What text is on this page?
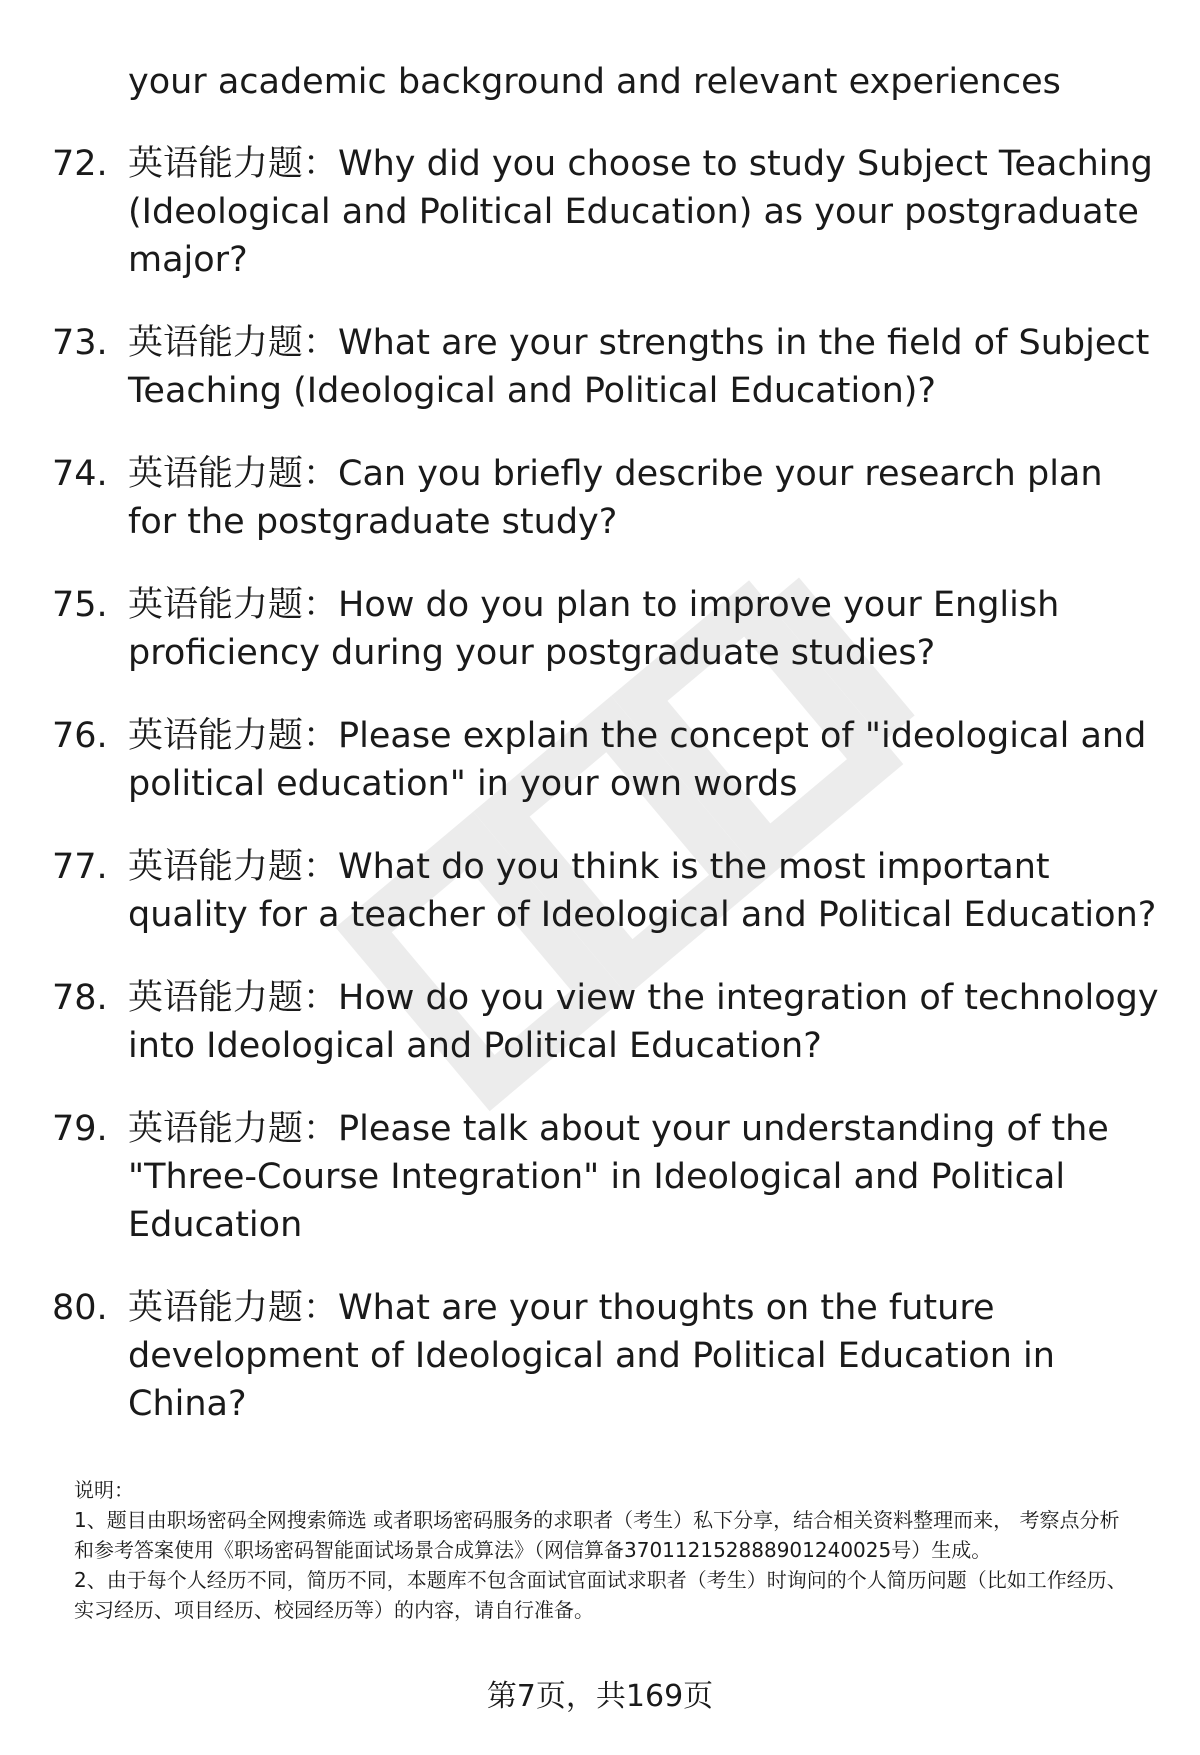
your academic background and relevant experiences
72. 英语能力题：Why did you choose to study Subject Teaching (Ideological and Political Education) as your postgraduate major?
73. 英语能力题：What are your strengths in the field of Subject Teaching (Ideological and Political Education)?
74. 英语能力题：Can you briefly describe your research plan for the postgraduate study?
75. 英语能力题：How do you plan to improve your English proficiency during your postgraduate studies?
76. 英语能力题：Please explain the concept of "ideological and political education" in your own words
77. 英语能力题：What do you think is the most important quality for a teacher of Ideological and Political Education?
78. 英语能力题：How do you view the integration of technology into Ideological and Political Education?
79. 英语能力题：Please talk about your understanding of the "Three-Course Integration" in Ideological and Political Education
80. 英语能力题：What are your thoughts on the future development of Ideological and Political Education in China?

说明：

1、题目由职场密码全网搜索筛选 或者职场密码服务的求职者（考生）私下分享，结合相关资料整理而来， 考察点分析和参考答案使用《职场密码智能面试场景合成算法》（网信算备370112152888901240025号）生成。

2、由于每个人经历不同，简历不同，本题库不包含面试官面试求职者（考生）时询问的个人简历问题（比如工作经历、实习经历、项目经历、校园经历等）的内容，请自行准备。

第7页，共169页
